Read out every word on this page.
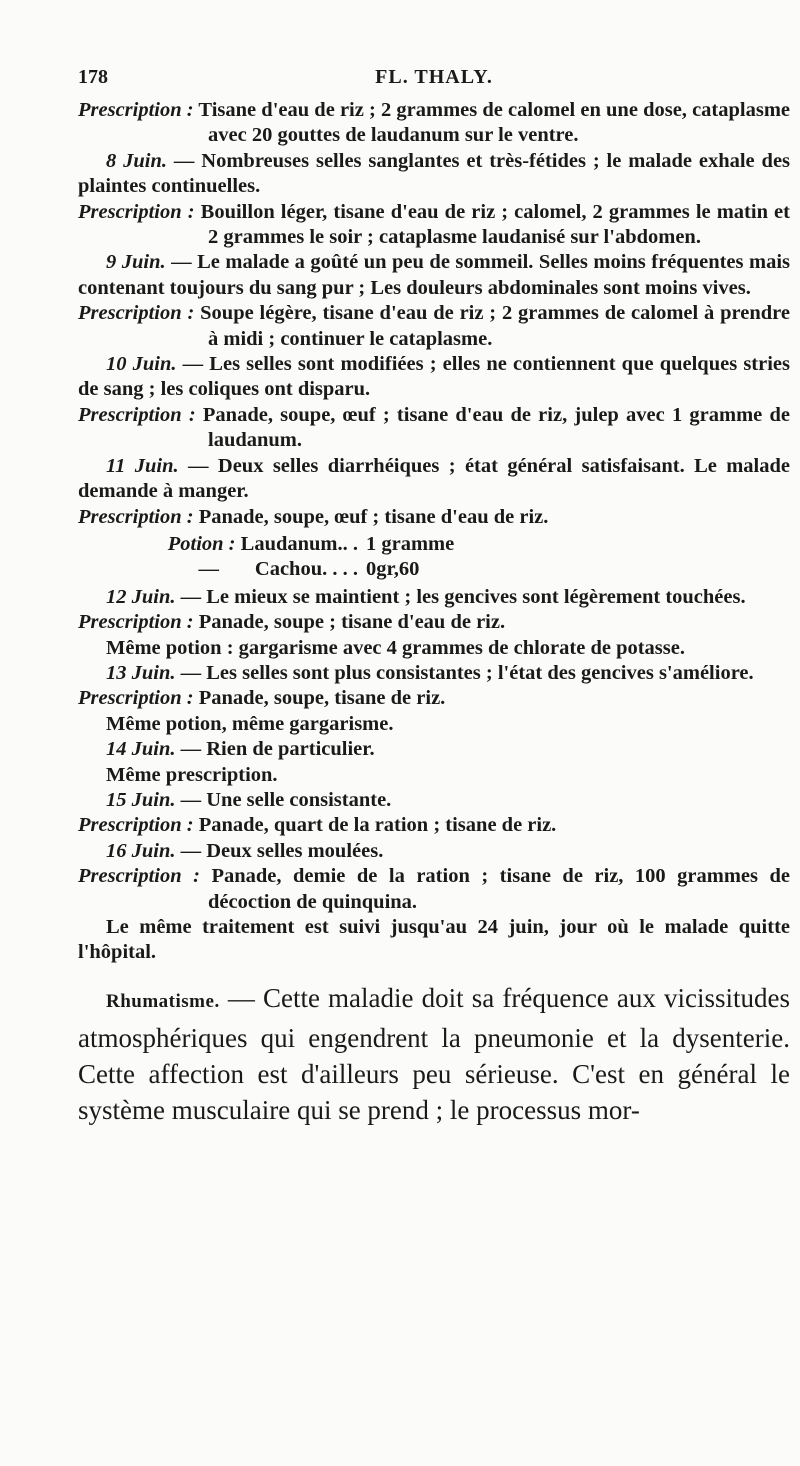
178	FL. THALY.

Prescription : Tisane d'eau de riz ; 2 grammes de calomel en une dose, cataplasme avec 20 gouttes de laudanum sur le ventre.

8 Juin. — Nombreuses selles sanglantes et très-fétides ; le malade exhale des plaintes continuelles.

Prescription : Bouillon léger, tisane d'eau de riz ; calomel, 2 grammes le matin et 2 grammes le soir ; cataplasme laudanisé sur l'abdomen.

9 Juin. — Le malade a goûté un peu de sommeil. Selles moins fréquentes mais contenant toujours du sang pur ; Les douleurs abdominales sont moins vives.

Prescription : Soupe légère, tisane d'eau de riz ; 2 grammes de calomel à prendre à midi ; continuer le cataplasme.

10 Juin. — Les selles sont modifiées ; elles ne contiennent que quelques stries de sang ; les coliques ont disparu.

Prescription : Panade, soupe, œuf ; tisane d'eau de riz, julep avec 1 gramme de laudanum.

11 Juin. — Deux selles diarrhéiques ; état général satisfaisant. Le malade demande à manger.

Prescription : Panade, soupe, œuf ; tisane d'eau de riz.

Potion : Laudanum.. . 1 gramme
— Cachou. . . . 0gr,60

12 Juin. — Le mieux se maintient ; les gencives sont légèrement touchées.

Prescription : Panade, soupe ; tisane d'eau de riz.

Même potion : gargarisme avec 4 grammes de chlorate de potasse.

13 Juin. — Les selles sont plus consistantes ; l'état des gencives s'améliore.

Prescription : Panade, soupe, tisane de riz.

Même potion, même gargarisme.

14 Juin. — Rien de particulier.

Même prescription.

15 Juin. — Une selle consistante.

Prescription : Panade, quart de la ration ; tisane de riz.

16 Juin. — Deux selles moulées.

Prescription : Panade, demie de la ration ; tisane de riz, 100 grammes de décoction de quinquina.

Le même traitement est suivi jusqu'au 24 juin, jour où le malade quitte l'hôpital.

Rhumatisme. — Cette maladie doit sa fréquence aux vicissitudes atmosphériques qui engendrent la pneumonie et la dysenterie. Cette affection est d'ailleurs peu sérieuse. C'est en général le système musculaire qui se prend ; le processus mor-
